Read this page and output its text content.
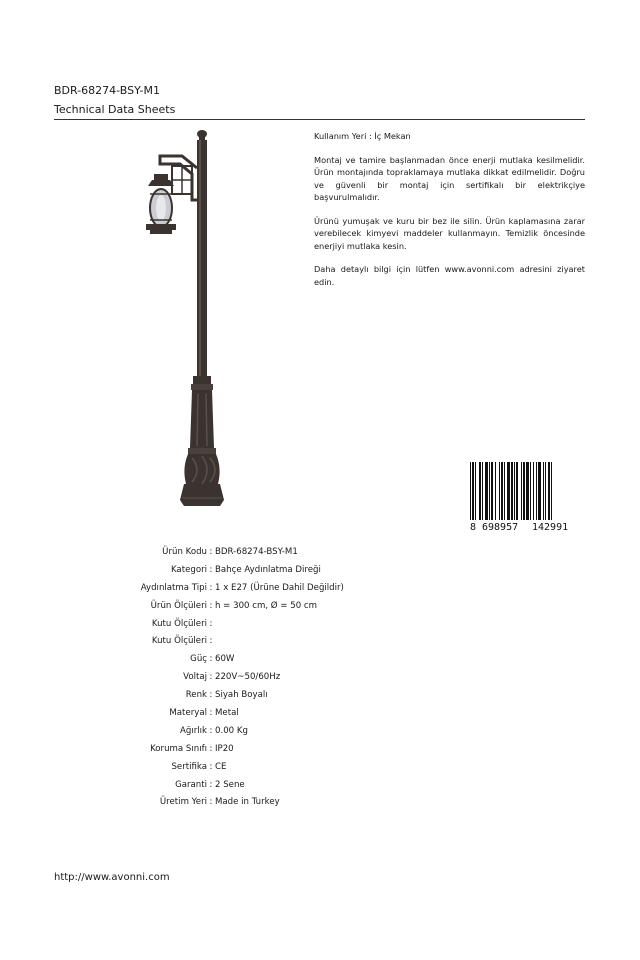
BDR-68274-BSY-M1
Technical Data Sheets

Kullanım Yeri : İç Mekan

Montaj ve tamire başlanmadan önce enerji mutlaka kesilmelidir. Ürün montajında topraklamaya mutlaka dikkat edilmelidir. Doğru ve güvenli bir montaj için sertifikalı bir elektrikçiye başvurulmalıdır.

Ürünü yumuşak ve kuru bir bez ile silin. Ürün kaplamasına zarar verebilecek kimyevi maddeler kullanmayın. Temizlik öncesinde enerjiyi mutlaka kesin.

Daha detaylı bilgi için lütfen www.avonni.com adresini ziyaret edin.

8 698957 142991
Ürün Kodu : BDR-68274-BSY-M1
Kategori : Bahçe Aydınlatma Direği
Aydınlatma Tipi : 1 x E27 (Ürüne Dahil Değildir)
Ürün Ölçüleri : h = 300 cm, Ø = 50 cm
Kutu Ölçüleri :
Kutu Ölçüleri :
Güç : 60W
Voltaj : 220V~50/60Hz
Renk : Siyah Boyalı
Materyal : Metal
Ağırlık : 0.00 Kg
Koruma Sınıfı : IP20
Sertifika : CE
Garanti : 2 Sene
Üretim Yeri : Made in Turkey
http://www.avonni.com
